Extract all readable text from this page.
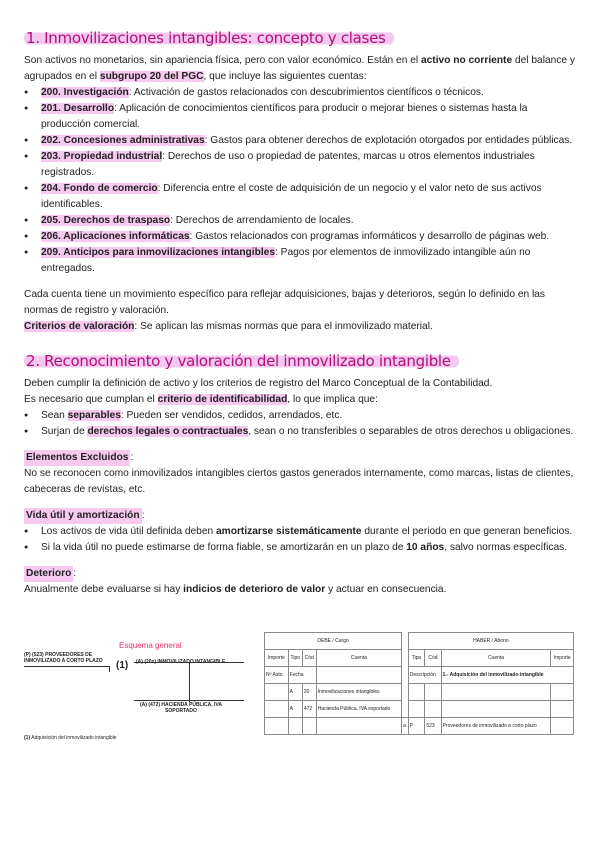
1. Inmovilizaciones intangibles: concepto y clases

Son activos no monetarios, sin apariencia física, pero con valor económico. Están en el activo no corriente del balance y agrupados en el subgrupo 20 del PGC, que incluye las siguientes cuentas:

● 200. Investigación: Activación de gastos relacionados con descubrimientos científicos o técnicos.
● 201. Desarrollo: Aplicación de conocimientos científicos para producir o mejorar bienes o sistemas hasta la producción comercial.
● 202. Concesiones administrativas: Gastos para obtener derechos de explotación otorgados por entidades públicas.
● 203. Propiedad industrial: Derechos de uso o propiedad de patentes, marcas u otros elementos industriales registrados.
● 204. Fondo de comercio: Diferencia entre el coste de adquisición de un negocio y el valor neto de sus activos identificables.
● 205. Derechos de traspaso: Derechos de arrendamiento de locales.
● 206. Aplicaciones informáticas: Gastos relacionados con programas informáticos y desarrollo de páginas web.
● 209. Anticipos para inmovilizaciones intangibles: Pagos por elementos de inmovilizado intangible aún no entregados.

Cada cuenta tiene un movimiento específico para reflejar adquisiciones, bajas y deterioros, según lo definido en las normas de registro y valoración.

Criterios de valoración: Se aplican las mismas normas que para el inmovilizado material.

2. Reconocimiento y valoración del inmovilizado intangible

Deben cumplir la definición de activo y los criterios de registro del Marco Conceptual de la Contabilidad.

Es necesario que cumplan el criterio de identificabilidad, lo que implica que:

● Sean separables: Pueden ser vendidos, cedidos, arrendados, etc.
● Surjan de derechos legales o contractuales, sean o no transferibles o separables de otros derechos u obligaciones.

Elementos Excluidos :

No se reconocen como inmovilizados intangibles ciertos gastos generados internamente, como marcas, listas de clientes, cabeceras de revistas, etc.

Vida útil y amortización :

● Los activos de vida útil definida deben amortizarse sistemáticamente durante el periodo en que generan beneficios.
● Si la vida útil no puede estimarse de forma fiable, se amortizarán en un plazo de 10 años, salvo normas específicas.

Deterioro :

Anualmente debe evaluarse si hay indicios de deterioro de valor y actuar en consecuencia.

Esquema general
(P) (523) PROVEEDORES DE INMOVILIZADO A CORTO PLAZO	(1) (A) (20x) INMOVILIZADO INTANGIBLE
(A) (472) HACIENDA PÚBLICA, IVA SOPORTADO
DEBE / Cargo					HABER / Abono			
Importe	Tipo	Cód	Cuenta		Tipo	Cód	Cuenta	Importe
Nº Asto.	Fecha				Descripción		1.- Adquisición del inmovilizado intangible	
	A	20	Inmovilizaciones intangibles					
	A	472	Hacienda Pública, IVA soportado					
				a	P	523	Proveedores de inmovilizado a corto plazo	
(1) Adquisición del inmovilizado intangible
